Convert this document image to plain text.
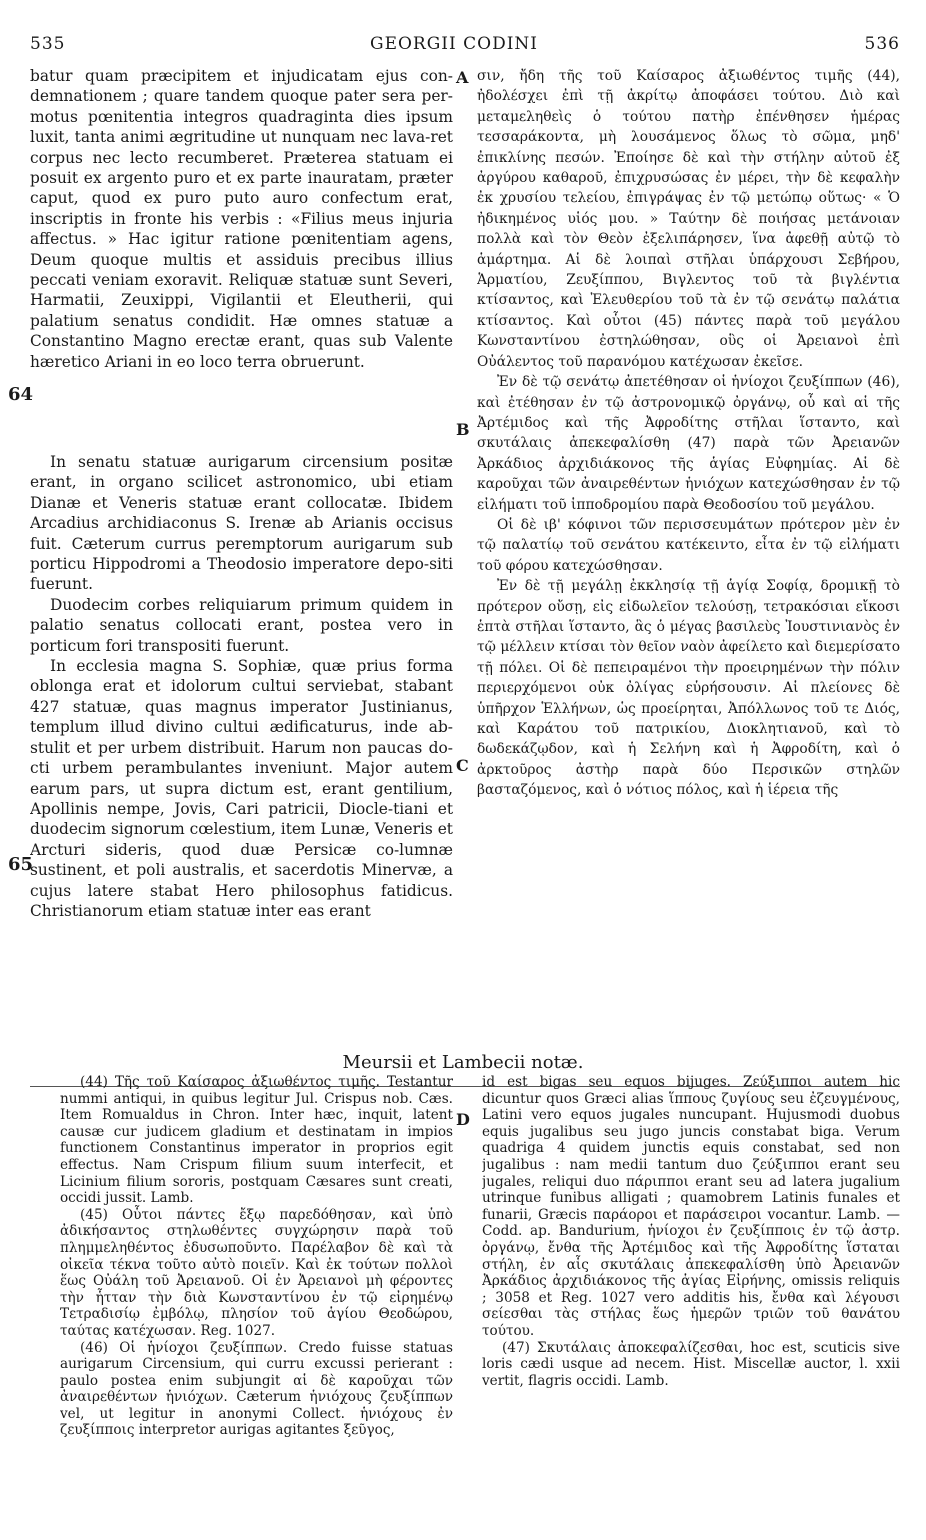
535	GEORGII CODINI	536

batur quam præcipitem et injudicatam ejus con-demnationem ; quare tandem quoque pater sera per-motus pœnitentia integros quadraginta dies ipsum luxit, tanta animi ægritudine ut nunquam nec lava-ret corpus nec lecto recumberet. Præterea statuam ei posuit ex argento puro et ex parte inauratam, præter caput, quod ex puro puto auro confectum erat, inscriptis in fronte his verbis : «Filius meus injuria affectus. » Hac igitur ratione pœnitentiam agens, Deum quoque multis et assiduis precibus illius peccati veniam exoravit. Reliquæ statuæ sunt Severi, Harmatii, Zeuxippi, Vigilantii et Eleutherii, qui palatium senatus condidit. Hæ omnes statuæ a Constantino Magno erectæ erant, quas sub Valente hæretico Ariani in eo loco terra obruerunt.

In senatu statuæ aurigarum circensium positæ erant, in organo scilicet astronomico, ubi etiam Dianæ et Veneris statuæ erant collocatæ. Ibidem Arcadius archidiaconus S. Irenæ ab Arianis occisus fuit. Cæterum currus peremptorum aurigarum sub porticu Hippodromi a Theodosio imperatore depo-siti fuerunt.

Duodecim corbes reliquiarum primum quidem in palatio senatus collocati erant, postea vero in porticum fori transpositi fuerunt.

In ecclesia magna S. Sophiæ, quæ prius forma oblonga erat et idolorum cultui serviebat, stabant 427 statuæ, quas magnus imperator Justinianus, templum illud divino cultui ædificaturus, inde ab-stulit et per urbem distribuit. Harum non paucas do-cti urbem perambulantes inveniunt. Major autem earum pars, ut supra dictum est, erant gentilium, Apollinis nempe, Jovis, Cari patricii, Dioclе-tiani et duodecim signorum cœlestium, item Lunæ, Veneris et Arcturi sideris, quod duæ Persicæ co-lumnæ sustinent, et poli australis, et sacerdotis Minervæ, a cujus latere stabat Hero philosophus fatidicus. Christianorum etiam statuæ inter eas erant

σιν, ἤδη τῆς τοῦ Καίσαρος ἀξιωθέντος τιμῆς (44), ἠδολέσχει ἐπὶ τῇ ἀκρίτῳ ἀποφάσει τούτου. Διὸ καὶ μεταμεληθεὶς ὁ τούτου πατὴρ ἐπένθησεν ἡμέρας τεσσαράκοντα, μὴ λουσάμενος ὅλως τὸ σῶμα, μηδ' ἐπικλίνης πεσών. Ἐποίησε δὲ καὶ τὴν στήλην αὐτοῦ ἐξ ἀργύρου καθαροῦ, ἐπιχρυσώσας ἐν μέρει, τὴν δὲ κεφαλὴν ἐκ χρυσίου τελείου, ἐπιγράψας ἐν τῷ μετώπῳ οὕτως· « Ὁ ἠδικημένος υἱός μου. » Ταύτην δὲ ποιήσας μετάνοιαν πολλὰ καὶ τὸν Θεὸν ἐξελιπάρησεν, ἵνα ἀφεθῇ αὐτῷ τὸ ἁμάρτημα. Αἱ δὲ λοιπαὶ στῆλαι ὑπάρχουσι Σεβήρου, Ἁρματίου, Ζευξίππου, Βιγλεντος τοῦ τὰ βιγλέντια κτίσαντος, καὶ Ἐλευθερίου τοῦ τὰ ἐν τῷ σενάτῳ παλάτια κτίσαντος. Καὶ οὗτοι (45) πάντες παρὰ τοῦ μεγάλου Κωνσταντίνου ἐστηλώθησαν, οὓς οἱ Ἀρειανοὶ ἐπὶ Οὐάλεντος τοῦ παρανόμου κατέχωσαν ἐκεῖσε.

Ἐν δὲ τῷ σενάτῳ ἀπετέθησαν οἱ ἡνίοχοι ζευξίππων (46), καὶ ἐτέθησαν ἐν τῷ ἀστρονομικῷ ὀργάνῳ, οὗ καὶ αἱ τῆς Ἀρτέμιδος καὶ τῆς Ἀφροδίτης στῆλαι ἵσταντο, καὶ σκυτάλαις ἀπεκεφαλίσθη (47) παρὰ τῶν Ἀρειανῶν Ἀρκάδιος ἀρχιδιάκονος τῆς ἁγίας Εὐφημίας. Αἱ δὲ καροῦχαι τῶν ἀναιρεθέντων ἡνιόχων κατεχώσθησαν ἐν τῷ εἰλήματι τοῦ ἱπποδρομίου παρὰ Θεοδοσίου τοῦ μεγάλου.

Οἱ δὲ ιβ' κόφινοι τῶν περισσευμάτων πρότερον μὲν ἐν τῷ παλατίῳ τοῦ σενάτου κατέκειντο, εἶτα ἐν τῷ εἰλήματι τοῦ φόρου κατεχώσθησαν.

Ἐν δὲ τῇ μεγάλῃ ἐκκλησίᾳ τῇ ἁγίᾳ Σοφίᾳ, δρομικῇ τὸ πρότερον οὔσῃ, εἰς εἰδωλεῖον τελούσῃ, τετρακόσιαι εἴκοσι ἑπτὰ στῆλαι ἵσταντο, ἃς ὁ μέγας βασιλεὺς Ἰουστινιανὸς ἐν τῷ μέλλειν κτίσαι τὸν θεῖον ναὸν ἀφείλετο καὶ διεμερίσατο τῇ πόλει. Οἱ δὲ πεπειραμένοι τὴν προειρημένων τὴν πόλιν περιερχόμενοι οὐκ ὀλίγας εὑρήσουσιν. Αἱ πλείονες δὲ ὑπῆρχον Ἑλλήνων, ὡς προείρηται, Ἀπόλλωνος τοῦ τε Διός, καὶ Καράτου τοῦ πατρικίου, Διοκλητιανοῦ, καὶ τὸ δωδεκάζῳδον, καὶ ἡ Σελήνη καὶ ἡ Ἀφροδίτη, καὶ ὁ ἀρκτοῦρος ἀστὴρ παρὰ δύο Περσικῶν στηλῶν βασταζόμενος, καὶ ὁ νότιος πόλος, καὶ ἡ ἱέρεια τῆς

A
B
C
D
64
65
Meursii et Lambecii notæ.

(44) Τῆς τοῦ Καίσαρος ἀξιωθέντος τιμῆς. Testantur nummi antiqui, in quibus legitur Jul. Crispus nob. Cæs. Item Romualdus in Chron. Inter hæc, inquit, latent causæ cur judicem gladium et destinatam in impios functionem Constantinus imperator in proprios egit effectus. Nam Crispum filium suum interfecit, et Licinium filium sororis, postquam Cæsares sunt creati, occidi jussit. Lamb.

(45) Οὗτοι πάντες ἔξῳ παρεδόθησαν, καὶ ὑπὸ ἀδικήσαντος στηλωθέντες συγχώρησιν παρὰ τοῦ πλημμεληθέντος ἐδυσωποῦντο. Παρέλαβον δὲ καὶ τὰ οἰκεῖα τέκνα τοῦτο αὐτὸ ποιεῖν. Καὶ ἐκ τούτων πολλοὶ ἕως Οὐάλη τοῦ Ἀρειανοῦ. Οἱ ἐν Ἀρειανοὶ μὴ φέροντες τὴν ἧτταν τὴν διὰ Κωνσταντίνου ἐν τῷ εἰρημένῳ Τετραδισίῳ ἐμβόλῳ, πλησίον τοῦ ἁγίου Θεοδώρου, ταύτας κατέχωσαν. Reg. 1027.

(46) Οἱ ἡνίοχοι ζευξίππων. Credo fuisse statuas aurigarum Circensium, qui curru excussi perierant : paulo postea enim subjungit αἱ δὲ καροῦχαι τῶν ἀναιρεθέντων ἡνιόχων. Cæterum ἡνιόχους ζευξίππων vel, ut legitur in anonymi Collect. ἡνιόχους ἐν ζευξίπποις interpretor aurigas agitantes ξεῦγος,

id est bigas seu equos bijuges. Ζεύξιπποι autem hic dicuntur quos Græci alias ἵππους ζυγίους seu ἐζευγμένους, Latini vero equos jugales nuncupant. Hujusmodi duobus equis jugalibus seu jugo juncis constabat biga. Verum quadriga 4 quidem junctis equis constabat, sed non jugalibus : nam medii tantum duo ζεύξιπποι erant seu jugales, reliqui duo πάριπποι erant seu ad latera jugalium utrinque funibus alligati ; quamobrem Latinis funales et funarii, Græcis παράοροι et παράσειροι vocantur. Lamb. — Codd. ap. Bandurium, ἡνίοχοι ἐν ζευξίπποις ἐν τῷ ἀστρ. ὀργάνῳ, ἔνθα τῆς Ἀρτέμιδος καὶ τῆς Ἀφροδίτης ἵσταται στήλη, ἐν αἷς σκυτάλαις ἀπεκεφαλίσθη ὑπὸ Ἀρειανῶν Ἀρκάδιος ἀρχιδιάκονος τῆς ἁγίας Εἰρήνης, omissis reliquis ; 3058 et Reg. 1027 vero additis his, ἔνθα καὶ λέγουσι σείεσθαι τὰς στήλας ἕως ἡμερῶν τριῶν τοῦ θανάτου τούτου.

(47) Σκυτάλαις ἀποκεφαλίζεσθαι, hoc est, scuticis sive loris cædi usque ad necem. Hist. Miscellæ auctor, l. xxii vertit, flagris occidi. Lamb.
